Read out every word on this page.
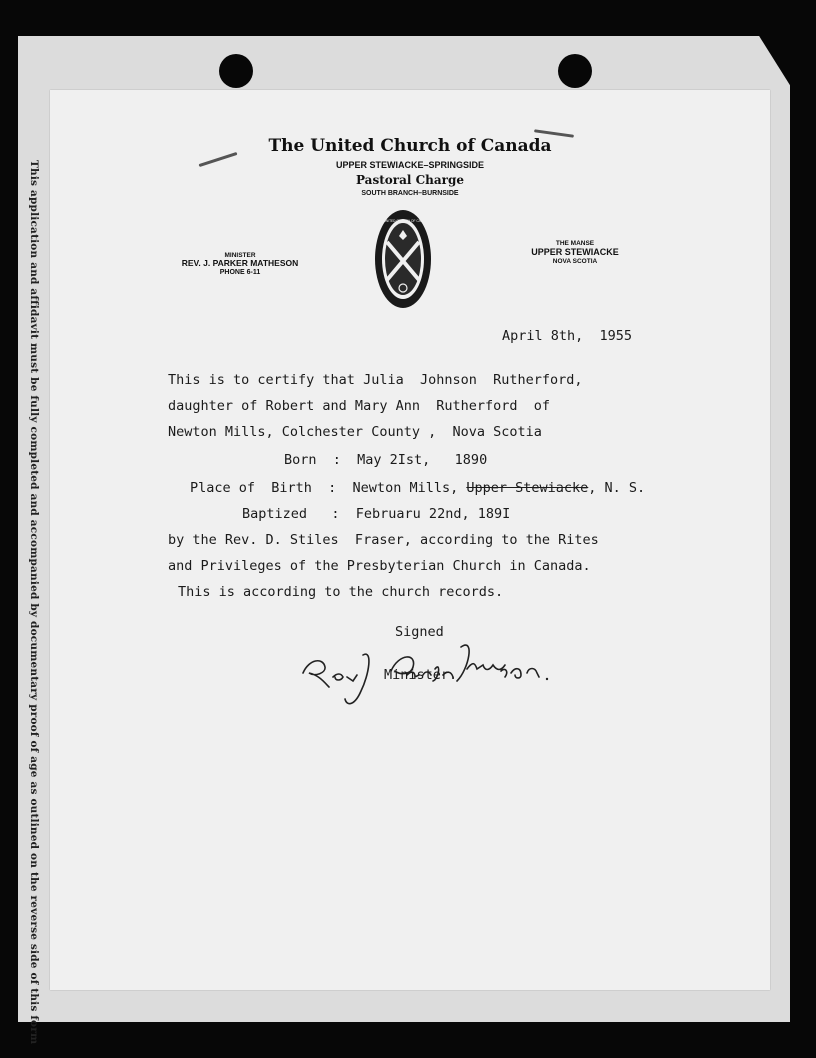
This application and affidavit must be fully completed and accompanied by documentary proof of age as outlined on the reverse side of this form
The United Church of Canada
UPPER STEWIACKE–SPRINGSIDE
Pastoral Charge
SOUTH BRANCH–BURNSIDE
MINISTER
REV. J. PARKER MATHESON
PHONE 6-11
THE UNITED CHURCH OF CANADA
THE MANSE
UPPER STEWIACKE
NOVA SCOTIA
April 8th,  1955
This is to certify that Julia  Johnson  Rutherford,
daughter of Robert and Mary Ann  Rutherford  of
Newton Mills, Colchester County ,  Nova Scotia
Born  :  May 2Ist,   1890
Place of  Birth  :  Newton Mills, Upper Stewiacke, N. S.
Baptized   :  Februaru 22nd, 189I
by the Rev. D. Stiles  Fraser, according to the Rites
and Privileges of the Presbyterian Church in Canada.
This is according to the church records.
Signed
Rev. J. Parker Matheson
Minister.
